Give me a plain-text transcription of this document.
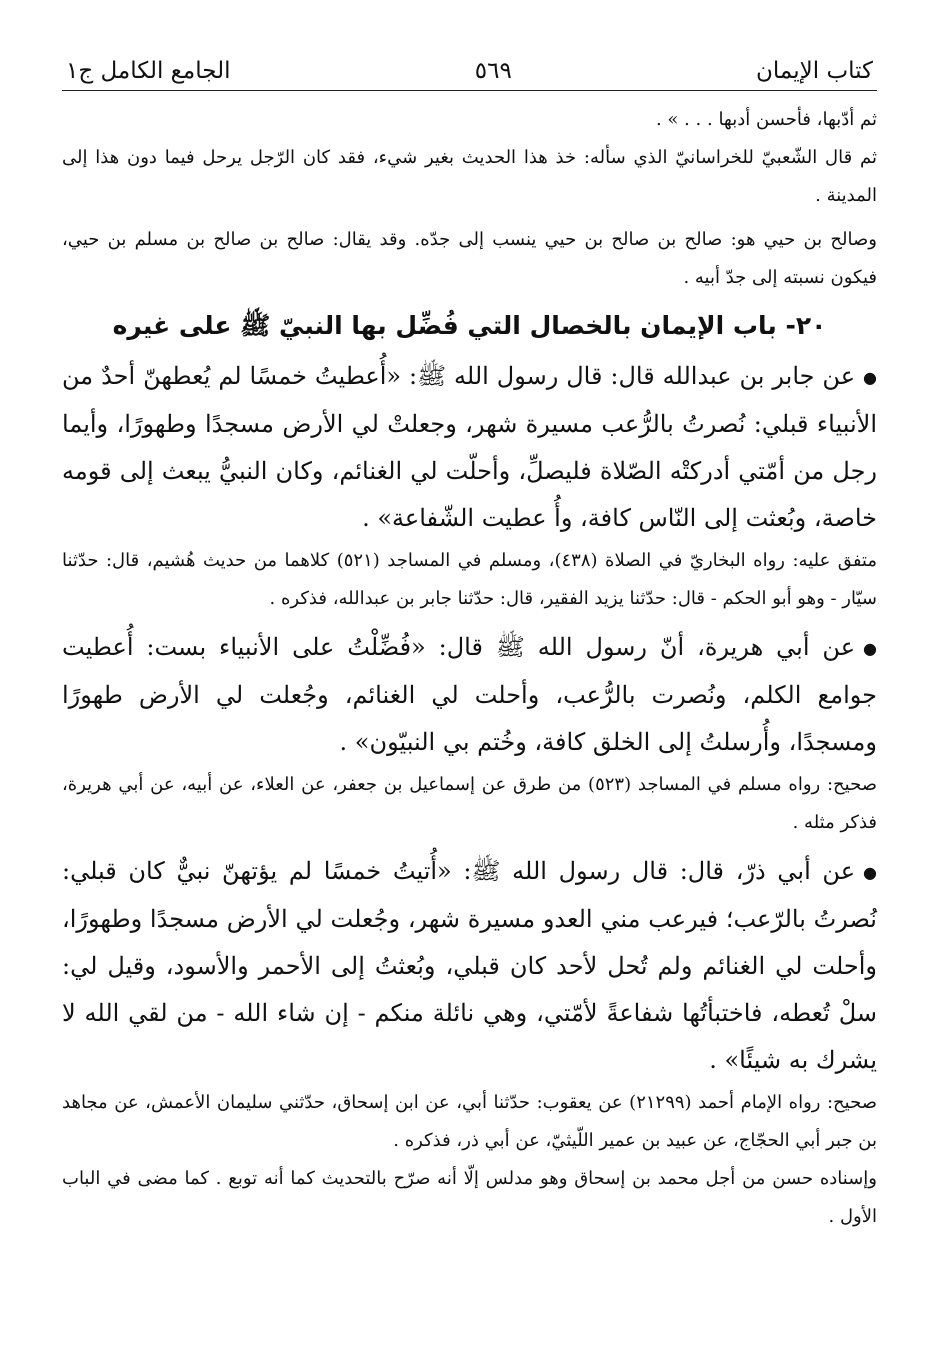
كتاب الإيمان
٥٦٩
الجامع الكامل ج١

ثم أدّبها، فأحسن أدبها . . . » .

ثم قال الشّعبيّ للخراسانيّ الذي سأله: خذ هذا الحديث بغير شيء، فقد كان الرّجل يرحل فيما دون هذا إلى المدينة .

وصالح بن حيي هو: صالح بن صالح بن حيي ينسب إلى جدّه. وقد يقال: صالح بن صالح بن مسلم بن حيي، فيكون نسبته إلى جدّ أبيه .

٢٠- باب الإيمان بالخصال التي فُضِّل بها النبيّ ﷺ على غيره

●عن جابر بن عبدالله قال: قال رسول الله ﷺ: «أُعطيتُ خمسًا لم يُعطهنّ أحدٌ من الأنبياء قبلي: نُصرتُ بالرُّعب مسيرة شهر، وجعلتْ لي الأرض مسجدًا وطهورًا، وأيما رجل من أمّتي أدركتْه الصّلاة فليصلِّ، وأحلّت لي الغنائم، وكان النبيُّ يبعث إلى قومه خاصة، وبُعثت إلى النّاس كافة، وأُ عطيت الشّفاعة» .

متفق عليه: رواه البخاريّ في الصلاة (٤٣٨)، ومسلم في المساجد (٥٢١) كلاهما من حديث هُشيم، قال: حدّثنا سيّار - وهو أبو الحكم - قال: حدّثنا يزيد الفقير، قال: حدّثنا جابر بن عبدالله، فذكره .

●عن أبي هريرة، أنّ رسول الله ﷺ قال: «فُضِّلْتُ على الأنبياء بست: أُعطيت جوامع الكلم، ونُصرت بالرُّعب، وأحلت لي الغنائم، وجُعلت لي الأرض طهورًا ومسجدًا، وأُرسلتُ إلى الخلق كافة، وخُتم بي النبيّون» .

صحيح: رواه مسلم في المساجد (٥٢٣) من طرق عن إسماعيل بن جعفر، عن العلاء، عن أبيه، عن أبي هريرة، فذكر مثله .

●عن أبي ذرّ، قال: قال رسول الله ﷺ: «أُتيتُ خمسًا لم يؤتهنّ نبيٌّ كان قبلي: نُصرتُ بالرّعب؛ فيرعب مني العدو مسيرة شهر، وجُعلت لي الأرض مسجدًا وطهورًا، وأحلت لي الغنائم ولم تُحل لأحد كان قبلي، وبُعثتُ إلى الأحمر والأسود، وقيل لي: سلْ تُعطه، فاختبأتُها شفاعةً لأمّتي، وهي نائلة منكم - إن شاء الله - من لقي الله لا يشرك به شيئًا» .

صحيح: رواه الإمام أحمد (٢١٢٩٩) عن يعقوب: حدّثنا أبي، عن ابن إسحاق، حدّثني سليمان الأعمش، عن مجاهد بن جبر أبي الحجّاج، عن عبيد بن عمير اللّيثيّ، عن أبي ذر، فذكره .

وإسناده حسن من أجل محمد بن إسحاق وهو مدلس إلّا أنه صرّح بالتحديث كما أنه توبع . كما مضى في الباب الأول .
